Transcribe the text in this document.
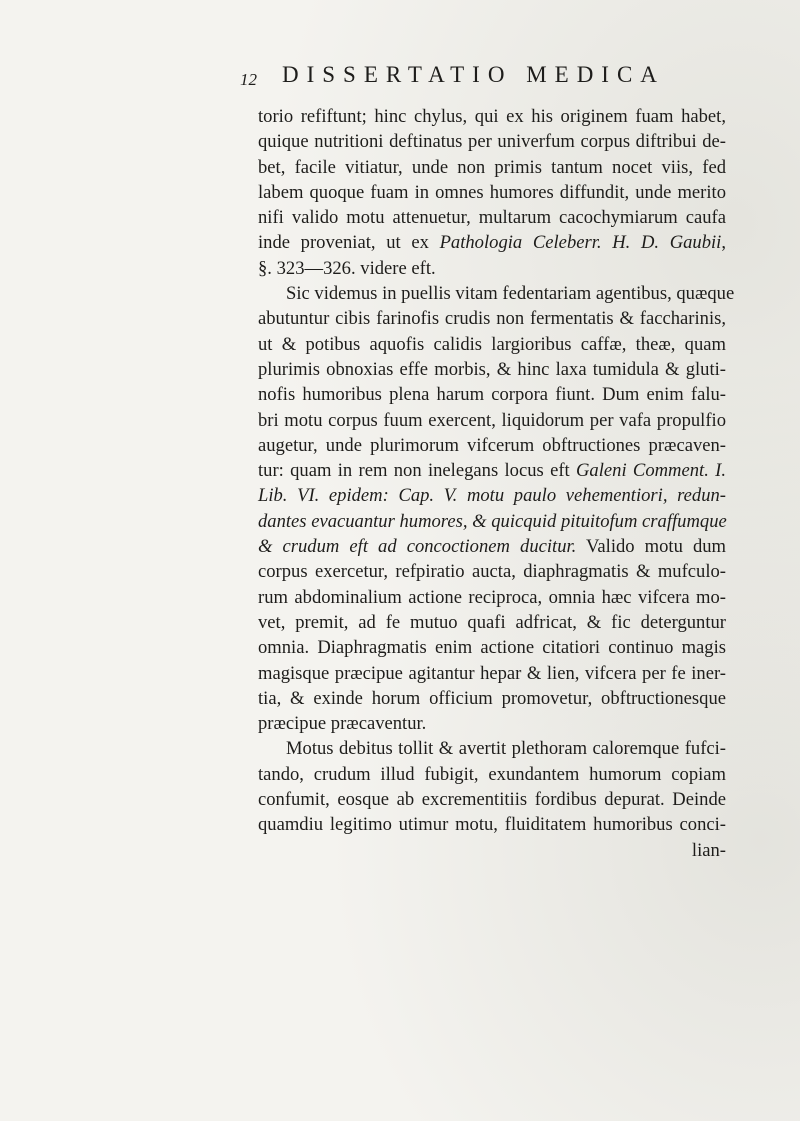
12 DISSERTATIO MEDICA
torio refiftunt; hinc chylus, qui ex his originem fuam habet,
quique nutritioni deftinatus per univerfum corpus diftribui de-
bet, facile vitiatur, unde non primis tantum nocet viis, fed
labem quoque fuam in omnes humores diffundit, unde merito
nifi valido motu attenuetur, multarum cacochymiarum caufa
inde proveniat, ut ex Pathologia Celeberr. H. D. Gaubii,
§. 323—326. videre eft.
Sic videmus in puellis vitam fedentariam agentibus, quæque
abutuntur cibis farinofis crudis non fermentatis & faccharinis,
ut & potibus aquofis calidis largioribus caffæ, theæ, quam
plurimis obnoxias effe morbis, & hinc laxa tumidula & gluti-
nofis humoribus plena harum corpora fiunt. Dum enim falu-
bri motu corpus fuum exercent, liquidorum per vafa propulfio
augetur, unde plurimorum vifcerum obftructiones præcaven-
tur: quam in rem non inelegans locus eft Galeni Comment. I.
Lib. VI. epidem: Cap. V. motu paulo vehementiori, redun-
dantes evacuantur humores, & quicquid pituitofum craffumque
& crudum eft ad concoctionem ducitur. Valido motu dum
corpus exercetur, refpiratio aucta, diaphragmatis & mufculo-
rum abdominalium actione reciproca, omnia hæc vifcera mo-
vet, premit, ad fe mutuo quafi adfricat, & fic deterguntur
omnia. Diaphragmatis enim actione citatiori continuo magis
magisque præcipue agitantur hepar & lien, vifcera per fe iner-
tia, & exinde horum officium promovetur, obftructionesque
præcipue præcaventur.
Motus debitus tollit & avertit plethoram caloremque fufci-
tando, crudum illud fubigit, exundantem humorum copiam
confumit, eosque ab excrementitiis fordibus depurat. Deinde
quamdiu legitimo utimur motu, fluiditatem humoribus conci-
lian-
